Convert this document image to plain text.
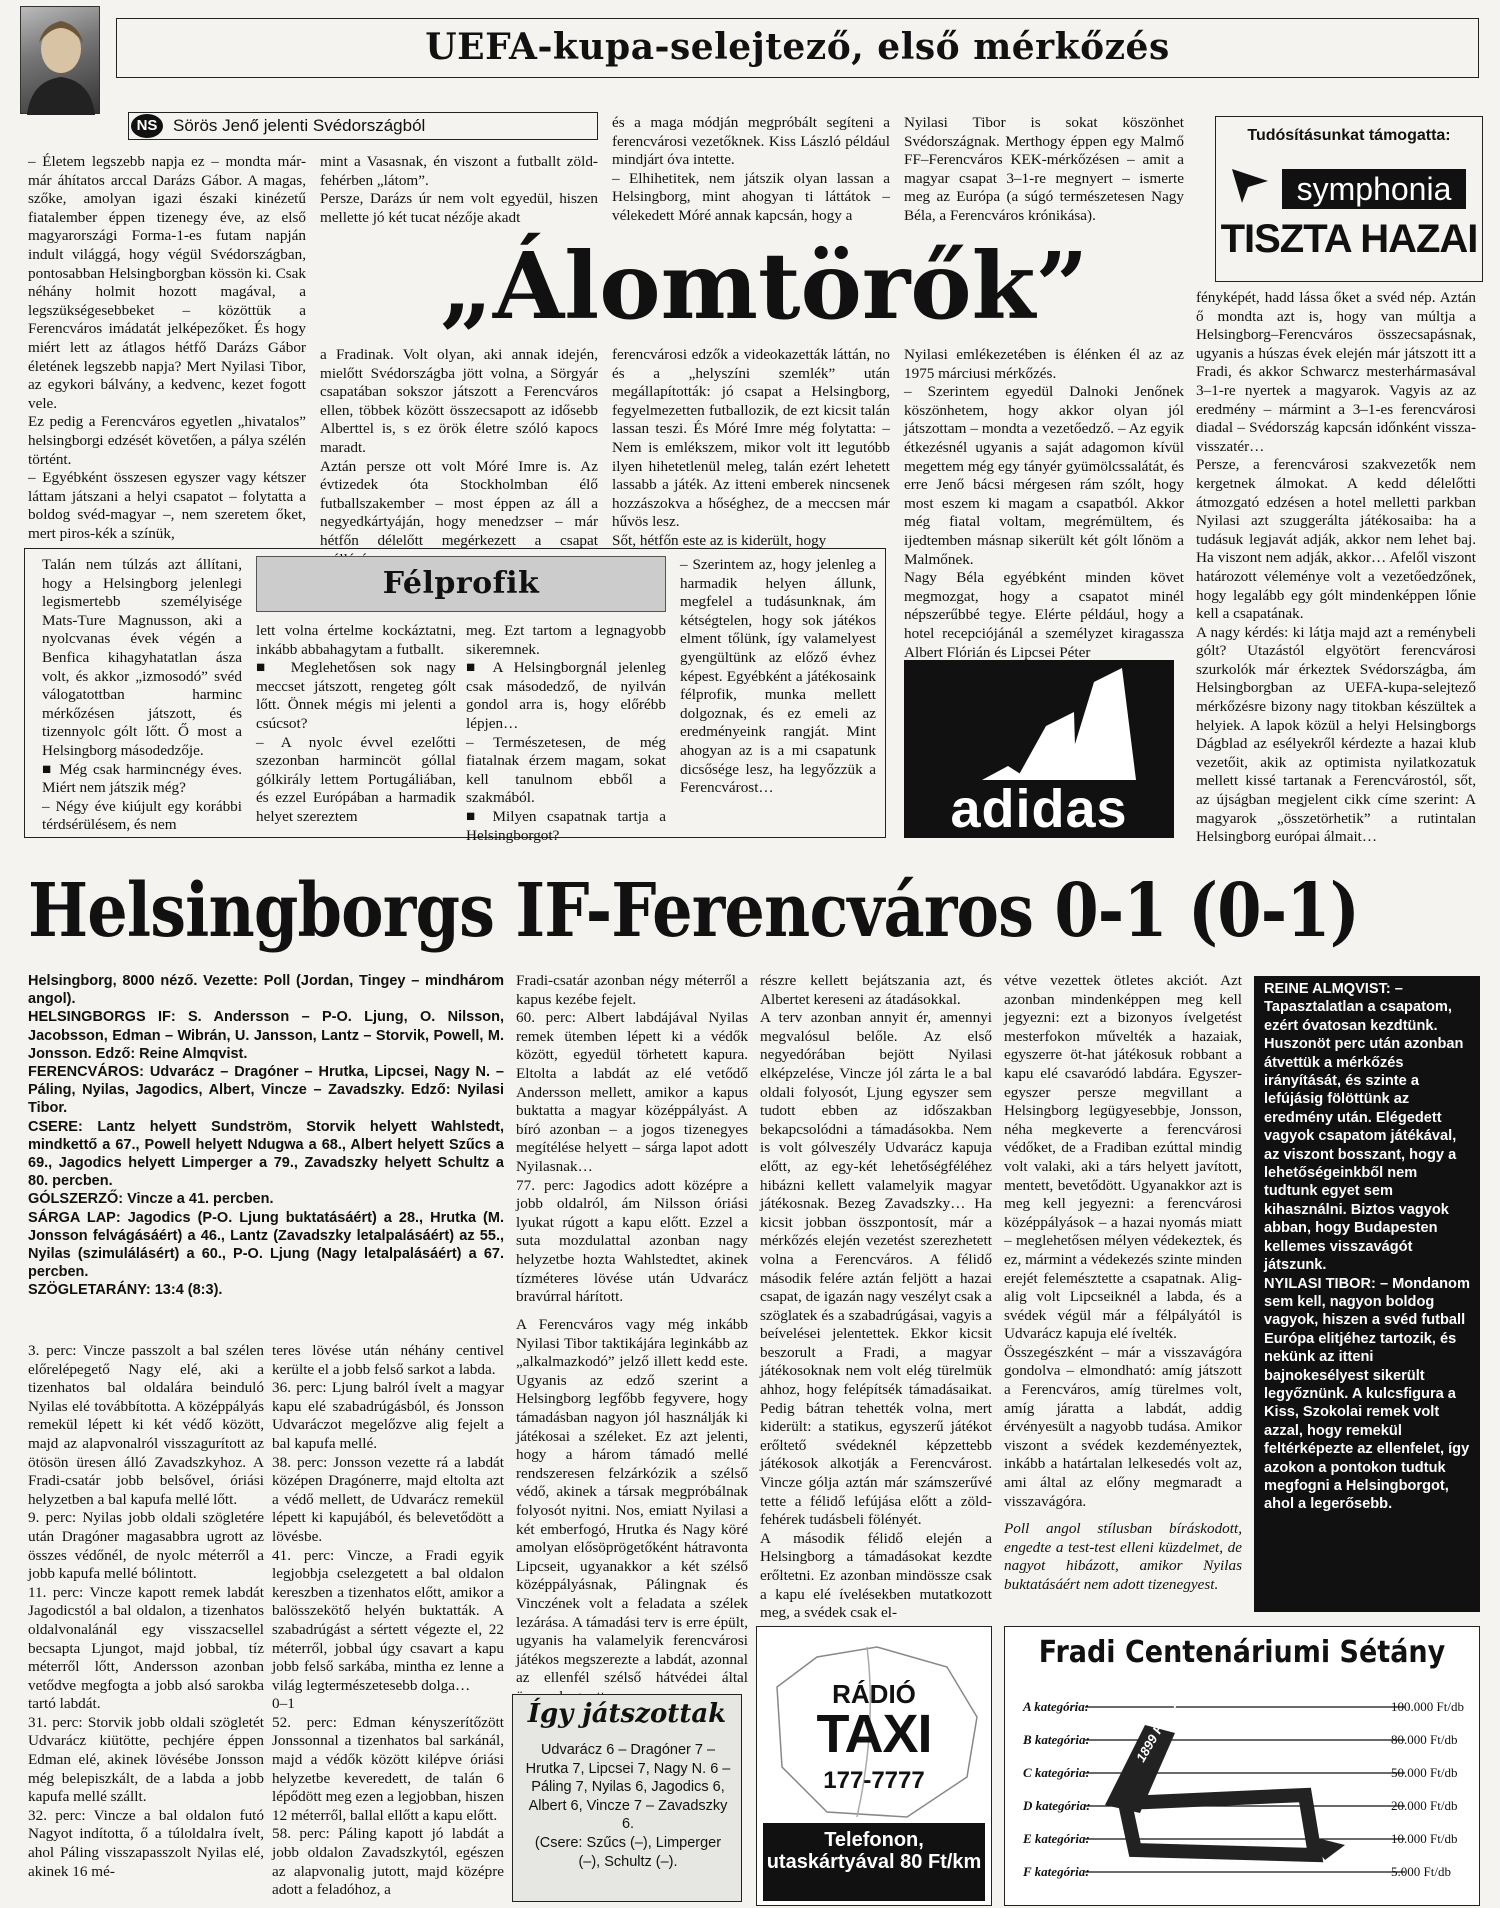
UEFA-kupa-selejtező, első mérkőzés
NS Sörös Jenő jelenti Svédországból
Tudósításunkat támogatta:
symphonia
TISZTA HAZAI
– Életem legszebb napja ez – mondta már-már áhítatos arccal Darázs Gábor. A magas, szőke, amolyan igazi északi kinézetű fiatalember éppen tizenegy éve, az első magyarországi Forma-1-es futam napján indult világgá, hogy végül Svédországban, pontosabban Helsingborgban kössön ki. Csak néhány holmit hozott magával, a legszükségesebbeket – közöttük a Ferencváros imádatát jelképezőket. És hogy miért lett az átlagos hétfő Darázs Gábor életének legszebb napja? Mert Nyilasi Tibor, az egykori bálvány, a kedvenc, kezet fogott vele.
Ez pedig a Ferencváros egyetlen „hivatalos” helsingborgi edzését követően, a pálya szélén történt.
– Egyébként összesen egyszer vagy kétszer láttam játszani a helyi csapatot – folytatta a boldog svéd-magyar –, nem szeretem őket, mert piros-kék a színük,
mint a Vasasnak, én viszont a futballt zöld-fehérben „látom”.
Persze, Darázs úr nem volt egyedül, hiszen mellette jó két tucat nézője akadt
és a maga módján megpróbált segíteni a ferencvárosi vezetőknek. Kiss László például mindjárt óva intette.
– Elhihetitek, nem játszik olyan lassan a Helsingborg, mint ahogyan ti láttátok – vélekedett Móré annak kapcsán, hogy a
Nyilasi Tibor is sokat köszönhet Svédországnak. Merthogy éppen egy Malmő FF–Ferencváros KEK-mérkőzésen – amit a magyar csapat 3–1-re megnyert – ismerte meg az Európa (a súgó természetesen Nagy Béla, a Ferencváros krónikása).
„Álomtörők”
a Fradinak. Volt olyan, aki annak idején, mielőtt Svédországba jött volna, a Sörgyár csapatában sokszor játszott a Ferencváros ellen, többek között összecsapott az idősebb Alberttel is, s ez örök életre szóló kapocs maradt.
Aztán persze ott volt Móré Imre is. Az évtizedek óta Stockholmban élő futballszakember – most éppen az áll a negyedkártyáján, hogy menedzser – már hétfőn délelőtt megérkezett a csapat
ferencvárosi edzők a videokazetták láttán, no és a „helyszíni szemlék” után megállapították: jó csapat a Helsingborg, fegyelmezetten futballozik, de ezt kicsit talán lassan teszi. És Móré Imre még folytatta: – Nem is emlékszem, mikor volt itt legutóbb ilyen hihetetlenül meleg, talán ezért lehetett lassabb a játék. Az itteni emberek nincsenek hozzászokva a hőséghez, de a meccsen már hűvös lesz.
Sőt, hétfőn este az is kiderült, hogy
Nyilasi emlékezetében is élénken él az az 1975 márciusi mérkőzés.
– Szerintem egyedül Dalnoki Jenőnek köszönhetem, hogy akkor olyan jól játszottam – mondta a vezetőedző. – Az egyik étkezésnél ugyanis a saját adagomon kívül megettem még egy tányér gyümölcssalátát, és erre Jenő bácsi mérgesen rám szólt, hogy most eszem ki magam a csapatból. Akkor még fiatal voltam, megrémültem, és ijedtemben másnap sikerült két gólt lőnöm a Malmőnek.
Nagy Béla egyébként minden követ megmozgat, hogy a csapatot minél népszerűbbé tegye. Elérte például, hogy a hotel recepciójánál a személyzet kiragassza Albert Flórián és Lipcsei Péter
fényképét, hadd lássa őket a svéd nép. Aztán ő mondta azt is, hogy van múltja a Helsingborg–Ferencváros összecsapásnak, ugyanis a húszas évek elején már játszott itt a Fradi, és akkor Schwarcz mesterhármasával 3–1-re nyertek a magyarok. Vagyis az az eredmény – mármint a 3–1-es ferencvárosi diadal – Svédország kapcsán időnként vissza-visszatér…
Persze, a ferencvárosi szakvezetők nem kergetnek álmokat. A kedd délelőtti átmozgató edzésen a hotel melletti parkban Nyilasi azt szuggerálta játékosaiba: ha a tudásuk legjavát adják, akkor nem lehet baj. Ha viszont nem adják, akkor… Afelől viszont határozott véleménye volt a vezetőedzőnek, hogy legalább egy gólt mindenképpen lőnie kell a csapatának.
A nagy kérdés: ki látja majd azt a reménybeli gólt? Utazástól elgyötört ferencvárosi szurkolók már érkeztek Svédországba, ám Helsingborgban az UEFA-kupa-selejtező mérkőzésre bizony nagy titokban készültek a helyiek. A lapok közül a helyi Helsingborgs Dágblad az esélyekről kérdezte a hazai klub vezetőit, akik az optimista nyilatkozatuk mellett kissé tartanak a Ferencvárostól, sőt, az újságban megjelent cikk címe szerint: A magyarok „összetörhetik” a rutintalan Helsingborg európai álmait…
Félprofik
Talán nem túlzás azt állítani, hogy a Helsingborg jelenlegi legismertebb személyisége Mats-Ture Magnusson, aki a nyolcvanas évek végén a Benfica kihagyhatatlan ásza volt, és akkor „izmosodó” svéd válogatottban harminc mérkőzésen játszott, és tizennyolc gólt lőtt. Ő most a Helsingborg másodedzője.
■ Még csak harmincnégy éves. Miért nem játszik még?
– Négy éve kiújult egy korábbi térdsérülésem, és nem
lett volna értelme kockáztatni, inkább abbahagytam a futballt.
■ Meglehetősen sok nagy meccset játszott, rengeteg gólt lőtt. Önnek mégis mi jelenti a csúcsot?
– A nyolc évvel ezelőtti szezonban harmincöt góllal gólkirály lettem Portugáliában, és ezzel Európában a harmadik helyet szereztem
meg. Ezt tartom a legnagyobb sikeremnek.
■ A Helsingborgnál jelenleg csak másodedző, de nyilván gondol arra is, hogy előrébb lépjen…
– Természetesen, de még fiatalnak érzem magam, sokat kell tanulnom ebből a szakmából.
■ Milyen csapatnak tartja a Helsingborgot?
– Szerintem az, hogy jelenleg a harmadik helyen állunk, megfelel a tudásunknak, ám kétségtelen, hogy sok játékos elment tőlünk, így valamelyest gyengültünk az előző évhez képest. Egyébként a játékosaink félprofik, munka mellett dolgoznak, és ez emeli az eredményeink rangját. Mint ahogyan az is a mi csapatunk dicsősége lesz, ha legyőzzük a Ferencvárost…	adidas
Helsingborgs IF-Ferencváros 0-1 (0-1)
Helsingborg, 8000 néző. Vezette: Poll (Jordan, Tingey – mindhárom angol).
HELSINGBORGS IF: S. Andersson – P-O. Ljung, O. Nilsson, Jacobsson, Edman – Wibrán, U. Jansson, Lantz – Storvik, Powell, M. Jonsson. Edző: Reine Almqvist.
FERENCVÁROS: Udvarácz – Dragóner – Hrutka, Lipcsei, Nagy N. – Páling, Nyilas, Jagodics, Albert, Vincze – Zavadszky. Edző: Nyilasi Tibor.
CSERE: Lantz helyett Sundström, Storvik helyett Wahlstedt, mindkettő a 67., Powell helyett Ndugwa a 68., Albert helyett Szűcs a 69., Jagodics helyett Limperger a 79., Zavadszky helyett Schultz a 80. percben.
GÓLSZERZŐ: Vincze a 41. percben.
SÁRGA LAP: Jagodics (P-O. Ljung buktatásáért) a 28., Hrutka (M. Jonsson felvágásáért) a 46., Lantz (Zavadszky letalpalásáért) az 55., Nyilas (szimulálásért) a 60., P-O. Ljung (Nagy letalpalásáért) a 67. percben.
SZÖGLETARÁNY: 13:4 (8:3).
3. perc: Vincze passzolt a bal szélen előrelépegető Nagy elé, aki a tizenhatos bal oldalára beinduló Nyilas elé továbbította. A középpályás remekül lépett ki két védő között, majd az alapvonalról visszagurított az ötösön üresen álló Zavadszkyhoz. A Fradi-csatár jobb belsővel, óriási helyzetben a bal kapufa mellé lőtt.
9. perc: Nyilas jobb oldali szögletére után Dragóner magasabbra ugrott az összes védőnél, de nyolc méterről a jobb kapufa mellé bólintott.
11. perc: Vincze kapott remek labdát Jagodicstól a bal oldalon, a tizenhatos oldalvonalánál egy visszacsellel becsapta Ljungot, majd jobbal, tíz méterről lőtt, Andersson azonban vetődve megfogta a jobb alsó sarokba tartó labdát.
31. perc: Storvik jobb oldali szögletét Udvarácz kiütötte, pechjére éppen Edman elé, akinek lövésébe Jonsson még belepiszkált, de a labda a jobb kapufa mellé szállt.
32. perc: Vincze a bal oldalon futó Nagyot indította, ő a túloldalra ívelt, ahol Páling visszapasszolt Nyilas elé, akinek 16 mé-
teres lövése után néhány centivel kerülte el a jobb felső sarkot a labda.
36. perc: Ljung balról ívelt a magyar kapu elé szabadrúgásból, és Jonsson Udvaráczot megelőzve alig fejelt a bal kapufa mellé.
38. perc: Jonsson vezette rá a labdát középen Dragónerre, majd eltolta azt a védő mellett, de Udvarácz remekül lépett ki kapujából, és belevetődött a lövésbe.
41. perc: Vincze, a Fradi egyik legjobbja cselezgetett a bal oldalon kereszben a tizenhatos előtt, amikor a balösszekötő helyén buktatták. A szabadrúgást a sértett végezte el, 22 méterről, jobbal úgy csavart a kapu jobb felső sarkába, mintha ez lenne a világ legtermészetesebb dolga…
0–1
52. perc: Edman kényszerítőzött Jonssonnal a tizenhatos bal sarkánál, majd a védők között kilépve óriási helyzetbe keveredett, de talán 6 lépődött meg ezen a legjobban, hiszen 12 méterről, ballal ellőtt a kapu előtt.
58. perc: Páling kapott jó labdát a jobb oldalon Zavadszkytól, egészen az alapvonalig jutott, majd középre adott a feladóhoz, a
Fradi-csatár azonban négy méterről a kapus kezébe fejelt.
60. perc: Albert labdájával Nyilas remek ütemben lépett ki a védők között, egyedül törhetett kapura. Eltolta a labdát az elé vetődő Andersson mellett, amikor a kapus buktatta a magyar középpályást. A bíró azonban – a jogos tizenegyes megítélése helyett – sárga lapot adott Nyilasnak…
77. perc: Jagodics adott középre a jobb oldalról, ám Nilsson óriási lyukat rúgott a kapu előtt. Ezzel a suta mozdulattal azonban nagy helyzetbe hozta Wahlstedtet, akinek tízméteres lövése után Udvarácz bravúrral hárított.
A Ferencváros vagy még inkább Nyilasi Tibor taktikájára leginkább az „alkalmazkodó” jelző illett kedd este. Ugyanis az edző szerint a Helsingborg legfőbb fegyvere, hogy támadásban nagyon jól használják ki játékosai a széleket. Ez azt jelenti, hogy a három támadó mellé rendszeresen felzárkózik a szélső védő, akinek a társak megpróbálnak folyosót nyitni. Nos, emiatt Nyilasi a két emberfogó, Hrutka és Nagy köré amolyan elősöprögetőként hátravonta Lipcseit, ugyanakkor a két szélső középpályásnak, Pálingnak és Vinczének volt a feladata a szélek lezárása. A támadási terv is erre épült, ugyanis ha valamelyik ferencvárosi játékos megszerezte a labdát, azonnal az ellenfél szélső hátvédei által
részre kellett bejátszania azt, és Albertet kereseni az átadásokkal.
A terv azonban annyit ér, amennyi megvalósul belőle. Az első negyedórában bejött Nyilasi elképzelése, Vincze jól zárta le a bal oldali folyosót, Ljung egyszer sem tudott ebben az időszakban bekapcsolódni a támadásokba. Nem is volt gólveszély Udvarácz kapuja előtt, az egy-két lehetőségféléhez hibázni kellett valamelyik magyar játékosnak. Bezeg Zavadszky… Ha kicsit jobban összpontosít, már a mérkőzés elején vezetést szerezhetett volna a Ferencváros. A félidő második felére aztán feljött a hazai csapat, de igazán nagy veszélyt csak a szöglatek és a szabadrúgásai, vagyis a beívelései jelentettek. Ekkor kicsit beszorult a Fradi, a magyar játékosoknak nem volt elég türelmük ahhoz, hogy felépítsék támadásaikat. Pedig bátran tehették volna, mert kiderült: a statikus, egyszerű játékot erőltető svédeknél képzettebb játékosok alkotják a Ferencvárost. Vincze gólja aztán már számszerűvé tette a félidő lefújása előtt a zöld-fehérek tudásbeli fölényét.
A második félidő elején a Helsingborg a támadásokat kezdte erőltetni. Ez azonban mindössze csak a kapu elé ívelésekben mutatkozott meg, a svédek csak el-
vétve vezettek ötletes akciót. Azt azonban mindenképpen meg kell jegyezni: ezt a bizonyos ívelgetést mesterfokon művelték a hazaiak, egyszerre öt-hat játékosuk robbant a kapu elé csavaródó labdára. Egyszer-egyszer persze megvillant a Helsingborg legügyesebbje, Jonsson, néha megkeverte a ferencvárosi védőket, de a Fradiban ezúttal mindig volt valaki, aki a társ helyett javított, mentett, bevetődött. Ugyanakkor azt is meg kell jegyezni: a ferencvárosi középpályások – a hazai nyomás miatt – meglehetősen mélyen védekeztek, és ez, mármint a védekezés szinte minden erejét felemésztette a csapatnak. Alig-alig volt Lipcseiknél a labda, és a svédek végül már a félpályától is Udvarácz kapuja elé ívelték.
Összegészként – már a visszavágóra gondolva – elmondható: amíg játszott a Ferencváros, amíg türelmes volt, amíg járatta a labdát, addig érvényesült a nagyobb tudása. Amikor viszont a svédek kezdeményeztek, inkább a határtalan lelkesedés volt az, ami által az előny megmaradt a visszavágóra.
Poll angol stílusban bíráskodott, engedte a test-test elleni küzdelmet, de nagyot hibázott, amikor Nyilas buktatásáért nem adott tizenegyest.
REINE ALMQVIST: – Tapasztalatlan a csapatom, ezért óvatosan kezdtünk. Huszonöt perc után azonban átvettük a mérkőzés irányítását, és szinte a lefújásig fölöttünk az eredmény után. Elégedett vagyok csapatom játékával, az viszont bosszant, hogy a lehetőségeinkből nem tudtunk egyet sem kihasználni. Biztos vagyok abban, hogy Budapesten kellemes visszavágót játszunk.
NYILASI TIBOR: – Mondanom sem kell, nagyon boldog vagyok, hiszen a svéd futball Európa elitjéhez tartozik, és nekünk az itteni bajnokesélyest sikerült legyőznünk. A kulcsfigura a Kiss, Szokolai remek volt azzal, hogy remekül feltérképezte az ellenfelet, így azokon a pontokon tudtuk megfogni a Helsingborgot, ahol a legerősebb.
Így játszottak
Udvarácz 6 – Dragóner 7 – Hrutka 7, Lipcsei 7, Nagy N. 6 – Páling 7, Nyilas 6, Jagodics 6, Albert 6, Vincze 7 – Zavadszky 6.
(Csere: Szűcs (–), Limperger (–), Schultz (–).
RÁDIÓ
TAXI
177-7777
Telefonon, utaskártyával 80 Ft/km
Fradi Centenáriumi Sétány
1899 FTC 1999
A kategória:	100.000 Ft/db
B kategória:	80.000 Ft/db
C kategória:	50.000 Ft/db
D kategória:	20.000 Ft/db
E kategória:	10.000 Ft/db
F kategória:	5.000 Ft/db
